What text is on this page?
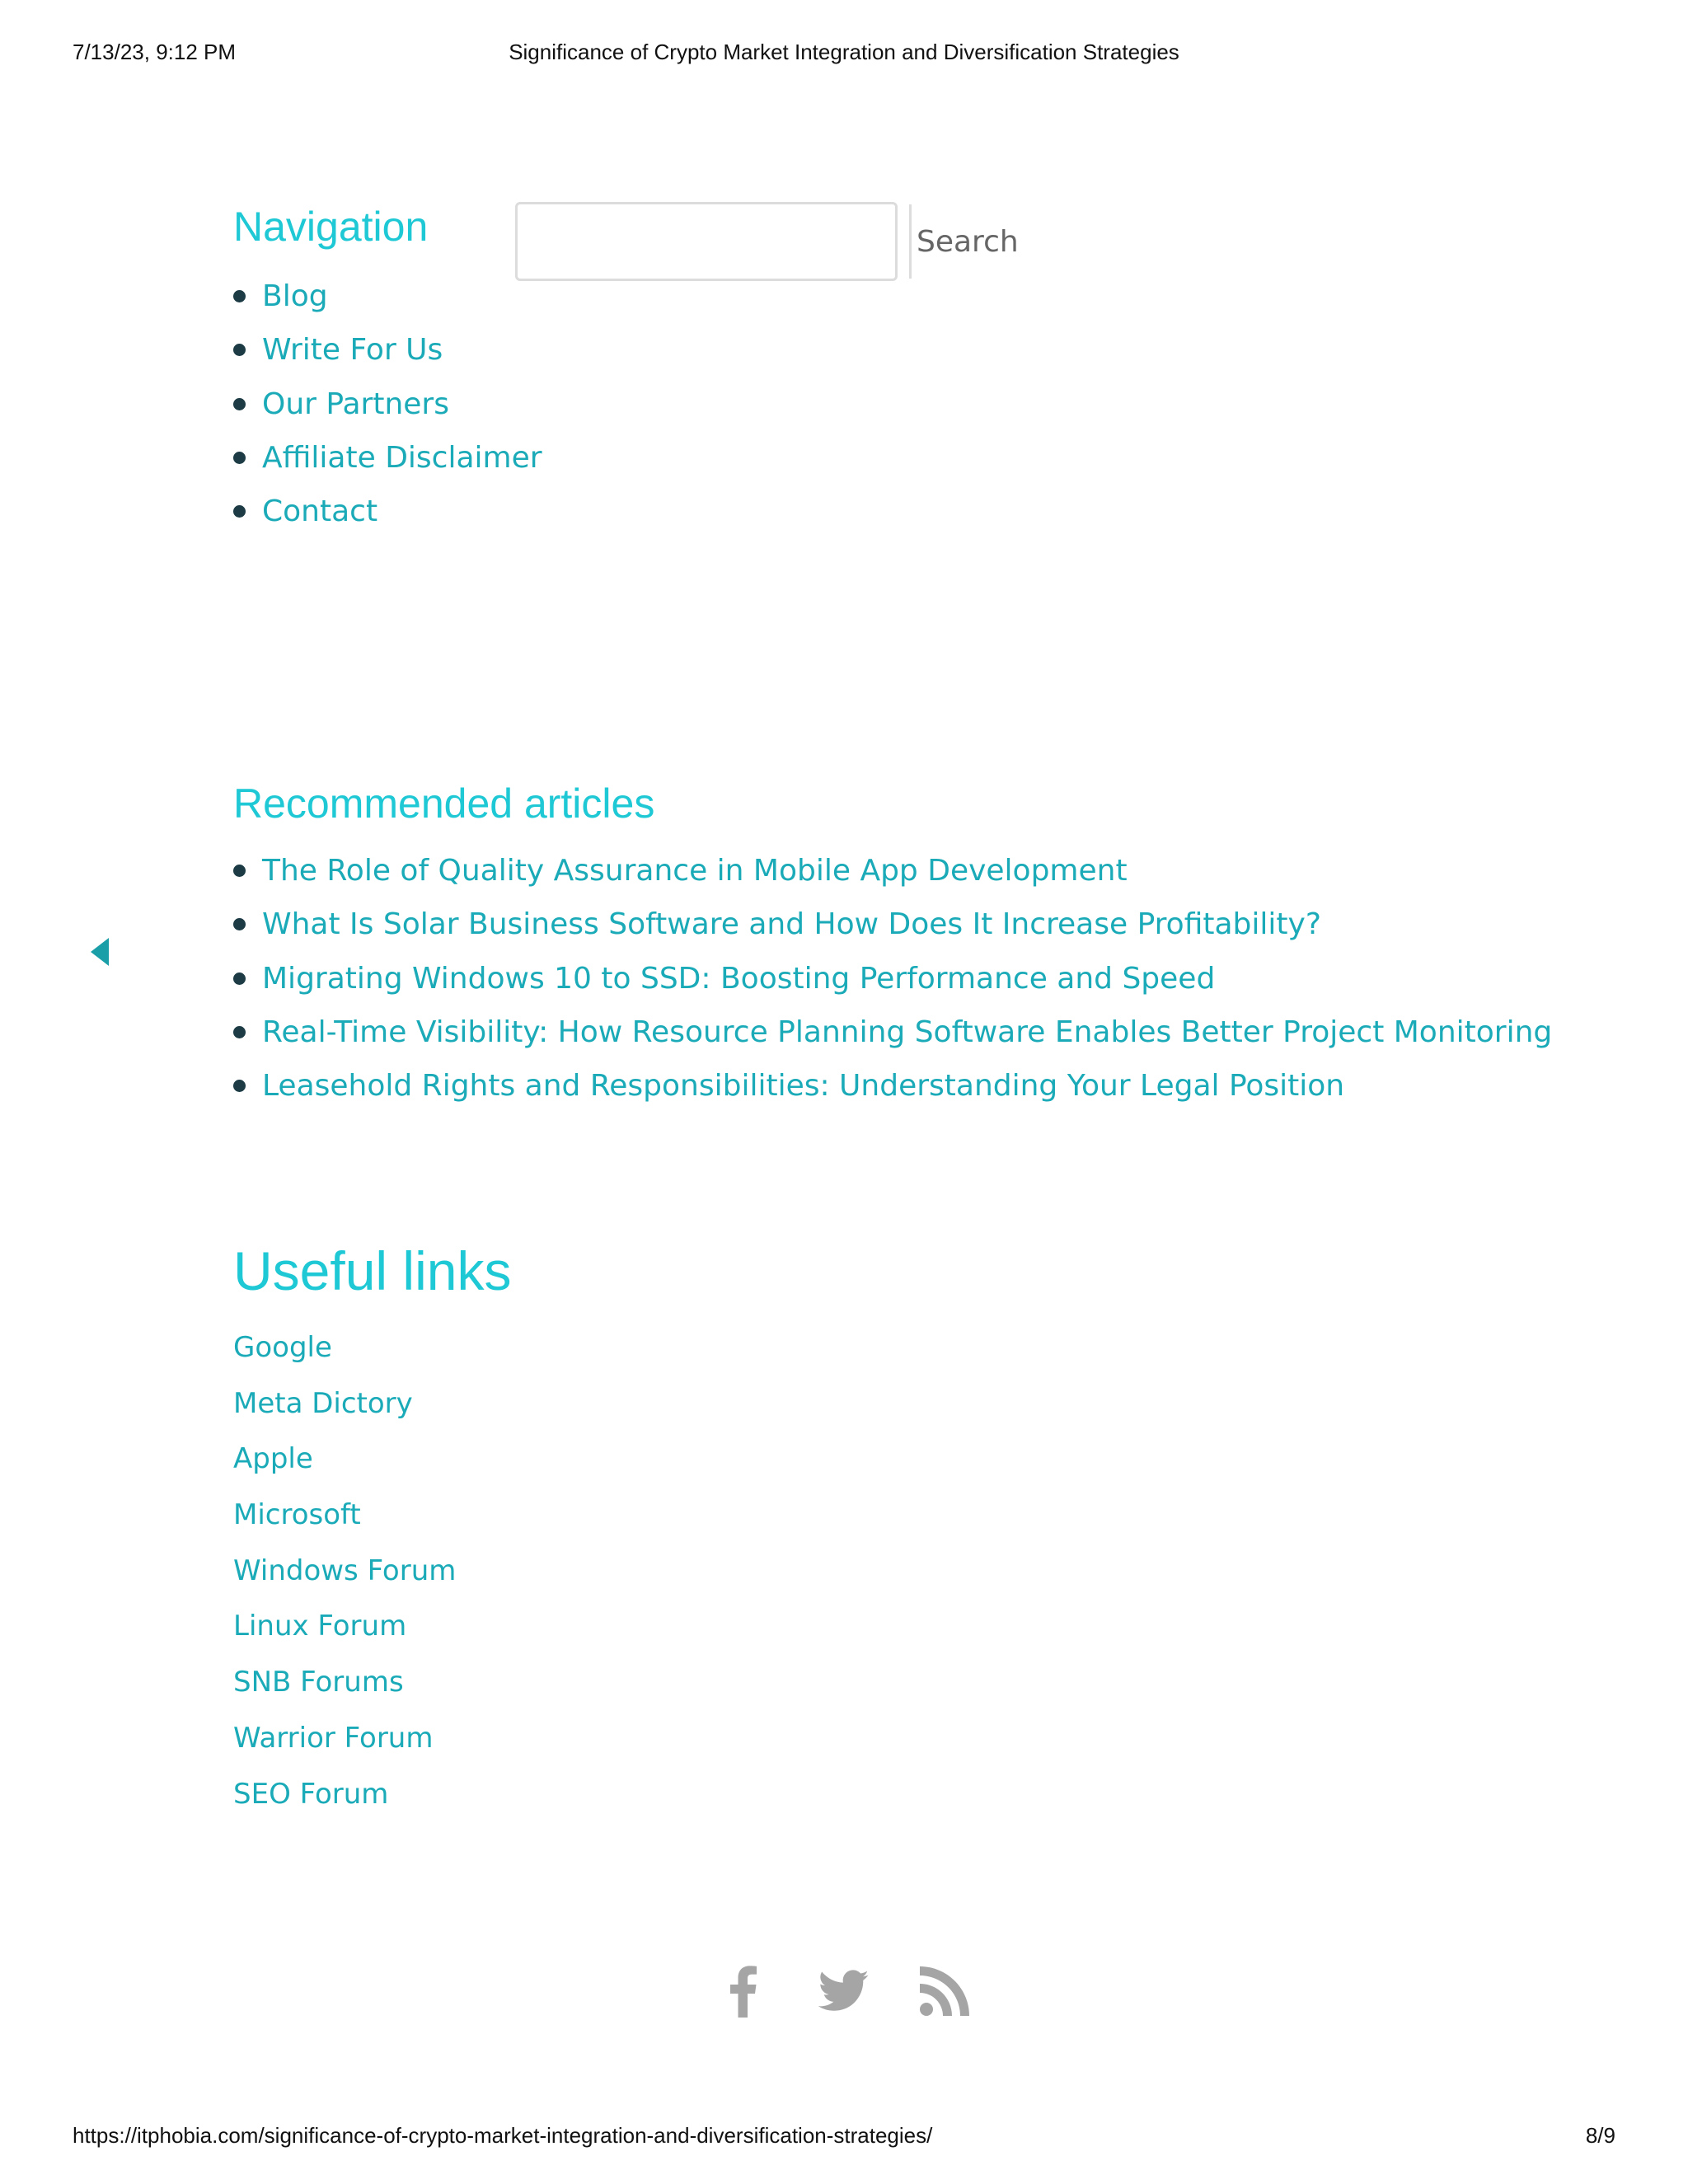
7/13/23, 9:12 PM	Significance of Crypto Market Integration and Diversification Strategies
Navigation
Blog
Write For Us
Our Partners
Affiliate Disclaimer
Contact
Search
Recommended articles
The Role of Quality Assurance in Mobile App Development
What Is Solar Business Software and How Does It Increase Profitability?
Migrating Windows 10 to SSD: Boosting Performance and Speed
Real-Time Visibility: How Resource Planning Software Enables Better Project Monitoring
Leasehold Rights and Responsibilities: Understanding Your Legal Position
Useful links
Google
Meta Dictory
Apple
Microsoft
Windows Forum
Linux Forum
SNB Forums
Warrior Forum
SEO Forum
https://itphobia.com/significance-of-crypto-market-integration-and-diversification-strategies/	8/9
